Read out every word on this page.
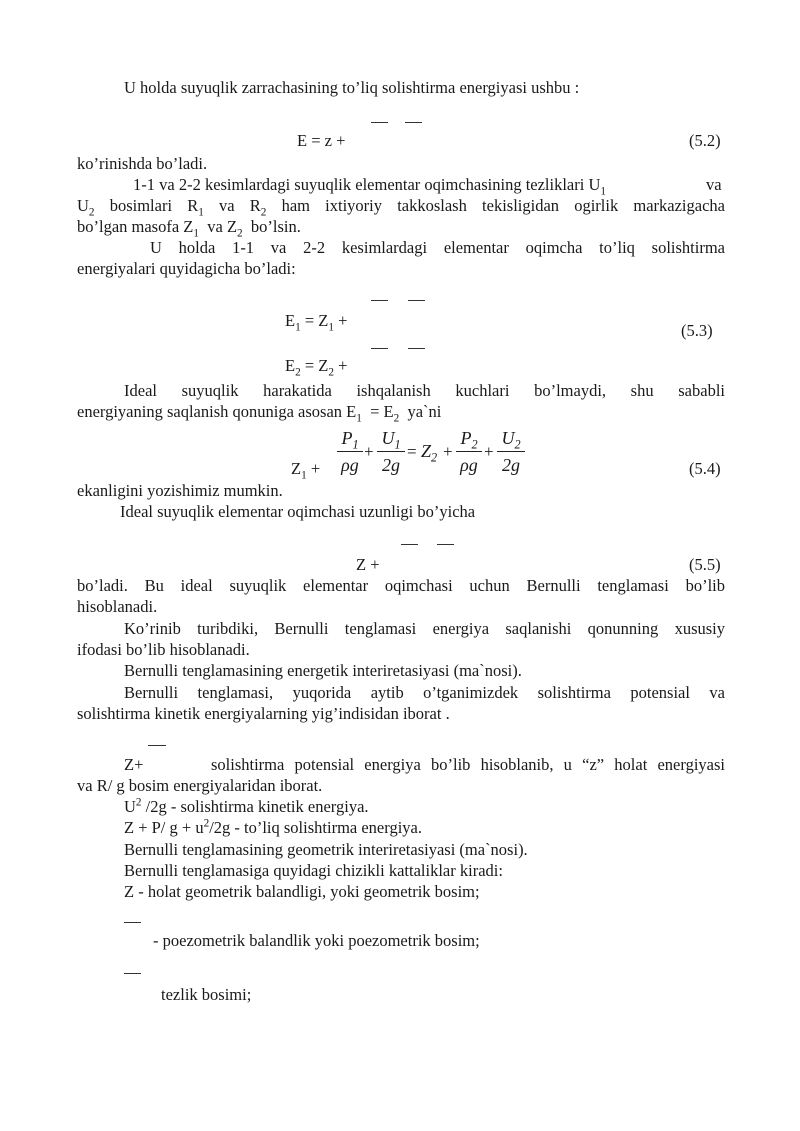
U holda suyuqlik zarrachasining to’liq solishtirma energiyasi ushbu :
E = z +	(5.2)
ko’rinishda bo’ladi.
1-1 va 2-2 kesimlardagi suyuqlik elementar oqimchasining tezliklari $U_1$	va
$U_2$ bosimlari $R_1$ va $R_2$ ham ixtiyoriy takkoslash tekisligidan ogirlik markazigacha
bo’lgan masofa $Z_1$ va $Z_2$ bo’lsin.
U holda 1-1 va 2-2 kesimlardagi elementar oqimcha to’liq solishtirma
energiyalari quyidagicha bo’ladi:
$E_1 = Z_1$ +
(5.3)
$E_2 = Z_2$ +
Ideal suyuqlik harakatida ishqalanish kuchlari bo’lmaydi, shu sababli
energiyaning saqlanish qonuniga asosan $E_1 = E_2$ ya`ni
$Z_1 + \frac{P_1}{\rho g} + \frac{U_1}{2g} = Z_2 + \frac{P_2}{\rho g} + \frac{U_2}{2g}$	(5.4)
ekanligini yozishimiz mumkin.
Ideal suyuqlik elementar oqimchasi uzunligi bo’yicha
Z +	(5.5)
bo’ladi. Bu ideal suyuqlik elementar oqimchasi uchun Bernulli tenglamasi bo’lib
hisoblanadi.
Ko’rinib turibdiki, Bernulli tenglamasi energiya saqlanishi qonunning xususiy
ifodasi bo’lib hisoblanadi.
Bernulli tenglamasining energetik interiretasiyasi (ma`nosi).
Bernulli tenglamasi, yuqorida aytib o’tganimizdek solishtirma potensial va
solishtirma kinetik energiyalarning yig’indisidan iborat .
Z+	solishtirma potensial energiya bo’lib hisoblanib, u “z” holat energiyasi
va R/ g bosim energiyalaridan iborat.
$U^2$ /2g - solishtirma kinetik energiya.
Z + P/ $g + u^2/2g$ - to’liq solishtirma energiya.
Bernulli tenglamasining geometrik interiretasiyasi (ma`nosi).
Bernulli tenglamasiga quyidagi chizikli kattaliklar kiradi:
Z - holat geometrik balandligi, yoki geometrik bosim;
- poezometrik balandlik yoki poezometrik bosim;
tezlik bosimi;
